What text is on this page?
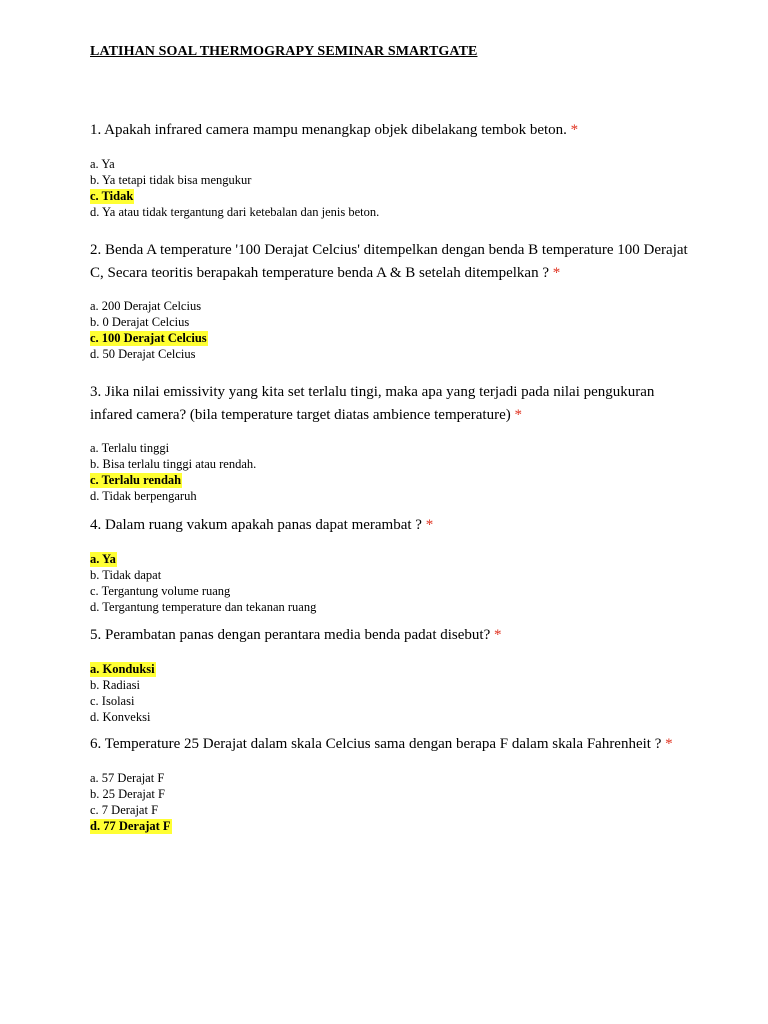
LATIHAN SOAL THERMOGRAPY SEMINAR SMARTGATE

1. Apakah infrared camera mampu menangkap objek dibelakang tembok beton. *

a. Ya
b. Ya tetapi tidak bisa mengukur
c. Tidak
d. Ya atau tidak tergantung dari ketebalan dan jenis beton.

2. Benda A temperature '100 Derajat Celcius' ditempelkan dengan benda B temperature 100 Derajat C, Secara teoritis berapakah temperature benda A & B setelah ditempelkan ? *

a. 200 Derajat Celcius
b. 0 Derajat Celcius
c. 100 Derajat Celcius
d. 50 Derajat Celcius

3. Jika nilai emissivity yang kita set terlalu tingi, maka apa yang terjadi pada nilai pengukuran infared camera? (bila temperature target diatas ambience temperature) *

a. Terlalu tinggi
b. Bisa terlalu tinggi atau rendah.
c. Terlalu rendah
d. Tidak berpengaruh

4. Dalam ruang vakum apakah panas dapat merambat ? *

a. Ya
b. Tidak dapat
c. Tergantung volume ruang
d. Tergantung temperature dan tekanan ruang

5. Perambatan panas dengan perantara media benda padat disebut? *

a. Konduksi
b. Radiasi
c. Isolasi
d. Konveksi

6. Temperature 25 Derajat dalam skala Celcius sama dengan berapa F dalam skala Fahrenheit ? *

a. 57 Derajat F
b. 25 Derajat F
c. 7 Derajat F
d. 77 Derajat F
